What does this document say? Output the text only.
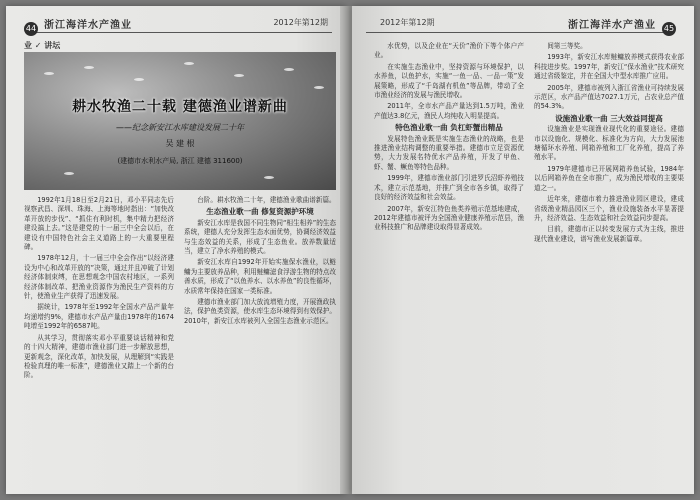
44 浙江海洋水产渔业	2012年第12期
业 ✓ 讲坛
耕水牧渔二十载 建德渔业谱新曲
——纪念新安江水库建设发展二十年
吴 建 根
(建德市水利水产局, 浙江 建德 311600)

1992年1月18日至2月21日，邓小平同志先后视察武昌、深圳、珠海、上海等地时指出：“加快改革开放的步伐”、“抓住有利时机，集中精力把经济建设搞上去。”这是建党的十一届三中全会以后，在建设有中国特色社会主义道路上的一大重要里程碑。

1978年12月，十一届三中全会作出“以经济建设为中心和改革开放的”决策，通过并且冲破了计划经济体制束缚，在思想观念中国农村地区，一系列经济体制改革、把渔业资源作为渔民生产资料的方针，使渔业生产获得了迅速发展。

据统计，1978年至1992年全国水产品产量年均递增约9%，建德市水产品产量由1978年的1674吨增至1992年的6587吨。

从其学习，贯彻落实邓小平重要谈话精神和党的十四大精神，建德市渔业部门进一步解放思想，更新观念，深化改革，加快发展，从理解到“实践是检验真理的唯一标准”，建德渔业又踏上一个新的台阶。

台阶。耕水牧渔二十年，建德渔业歌曲谱新篇。

生态渔业歌一曲 修复资源护环境

新安江水库是我国不同生物同“相生相养”的生态系统，建德人充分发挥生态水面优势，协调经济效益与生态效益的关系，形成了生态鱼业。放养数量适当，建立了净水养殖的模式。

新安江水库自1992年开始实施保水渔业，以鲢鳙为主要放养品种，利用鲢鳙滤食浮游生物的特点改善水质，形成了“以鱼养水、以水养鱼”的良性循环，水质常年保持在国家一类标准。

建德市渔业部门加大放流增殖力度，开展渔政执法，保护鱼类资源，使水库生态环境得到有效保护。2010年，新安江水库被列入全国生态渔业示范区。

2012年第12期	浙江海洋水产渔业 45

水优势，以及企业在“天价”渔价下等个体户产业。

在实施生态渔业中，坚持资源与环境保护，以水养鱼，以鱼护水，实施“一鱼一品、一品一策”发展策略，形成了“千岛湖有机鱼”等品牌，带动了全市渔业经济的发展与渔民增收。

2011年，全市水产品产量达到1.5万吨，渔业产值达3.8亿元，渔民人均纯收入明显提高。

特色渔业歌一曲 负杠虾蟹出精品

发展特色渔业既是实施生态渔业的战略，也是推进渔业结构调整的重要举措。建德市立足资源优势，大力发展名特优水产品养殖，开发了甲鱼、虾、蟹、鳜鱼等特色品种。

1999年，建德市渔业部门引进罗氏沼虾养殖技术，建立示范基地，并推广到全市各乡镇，取得了良好的经济效益和社会效益。

2007年，新安江特色鱼类养殖示范基地建成，2012年建德市被评为全国渔业健康养殖示范县，渔业科技推广和品牌建设取得显著成效。

间第三等奖。

1993年，新安江水库鲢鳙放养模式获得农业部科技进步奖。1997年，新安江“保水渔业”技术研究通过省级鉴定，并在全国大中型水库推广应用。

2005年，建德市被列入浙江省渔业可持续发展示范区，水产品产值达7027.1万元，占农业总产值的54.3%。

设施渔业歌一曲 三大效益同提高

设施渔业是实现渔业现代化的重要途径。建德市以设施化、规模化、标准化为方向，大力发展池塘循环水养殖、网箱养殖和工厂化养殖，提高了养殖水平。

1979年建德市已开展网箱养鱼试验，1984年以后网箱养鱼在全市推广，成为渔民增收的主要渠道之一。

近年来，建德市着力推进渔业园区建设，建成省级渔业精品园区三个，渔业设施装备水平显著提升，经济效益、生态效益和社会效益同步提高。

目前，建德市正以转变发展方式为主线，推进现代渔业建设，谱写渔业发展新篇章。
